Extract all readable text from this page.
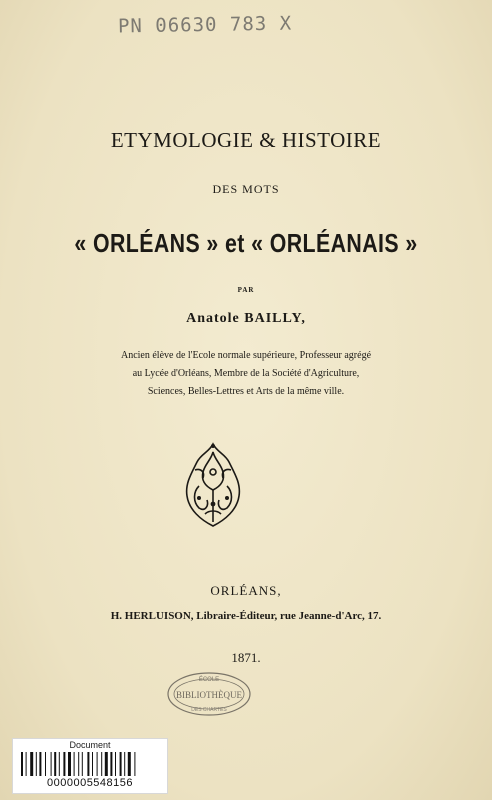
PN 06630 783 X
ETYMOLOGIE & HISTOIRE
DES MOTS
« ORLÉANS » et « ORLÉANAIS »
PAR
Anatole BAILLY,
Ancien élève de l'Ecole normale supérieure, Professeur agrégé
au Lycée d'Orléans, Membre de la Société d'Agriculture,
Sciences, Belles-Lettres et Arts de la même ville.
ORLÉANS,
H. HERLUISON, Libraire-Éditeur, rue Jeanne-d'Arc, 17.
1871.
ÉCOLE
BIBLIOTHÈQUE
DES CHARTES
Document
0000005548156
